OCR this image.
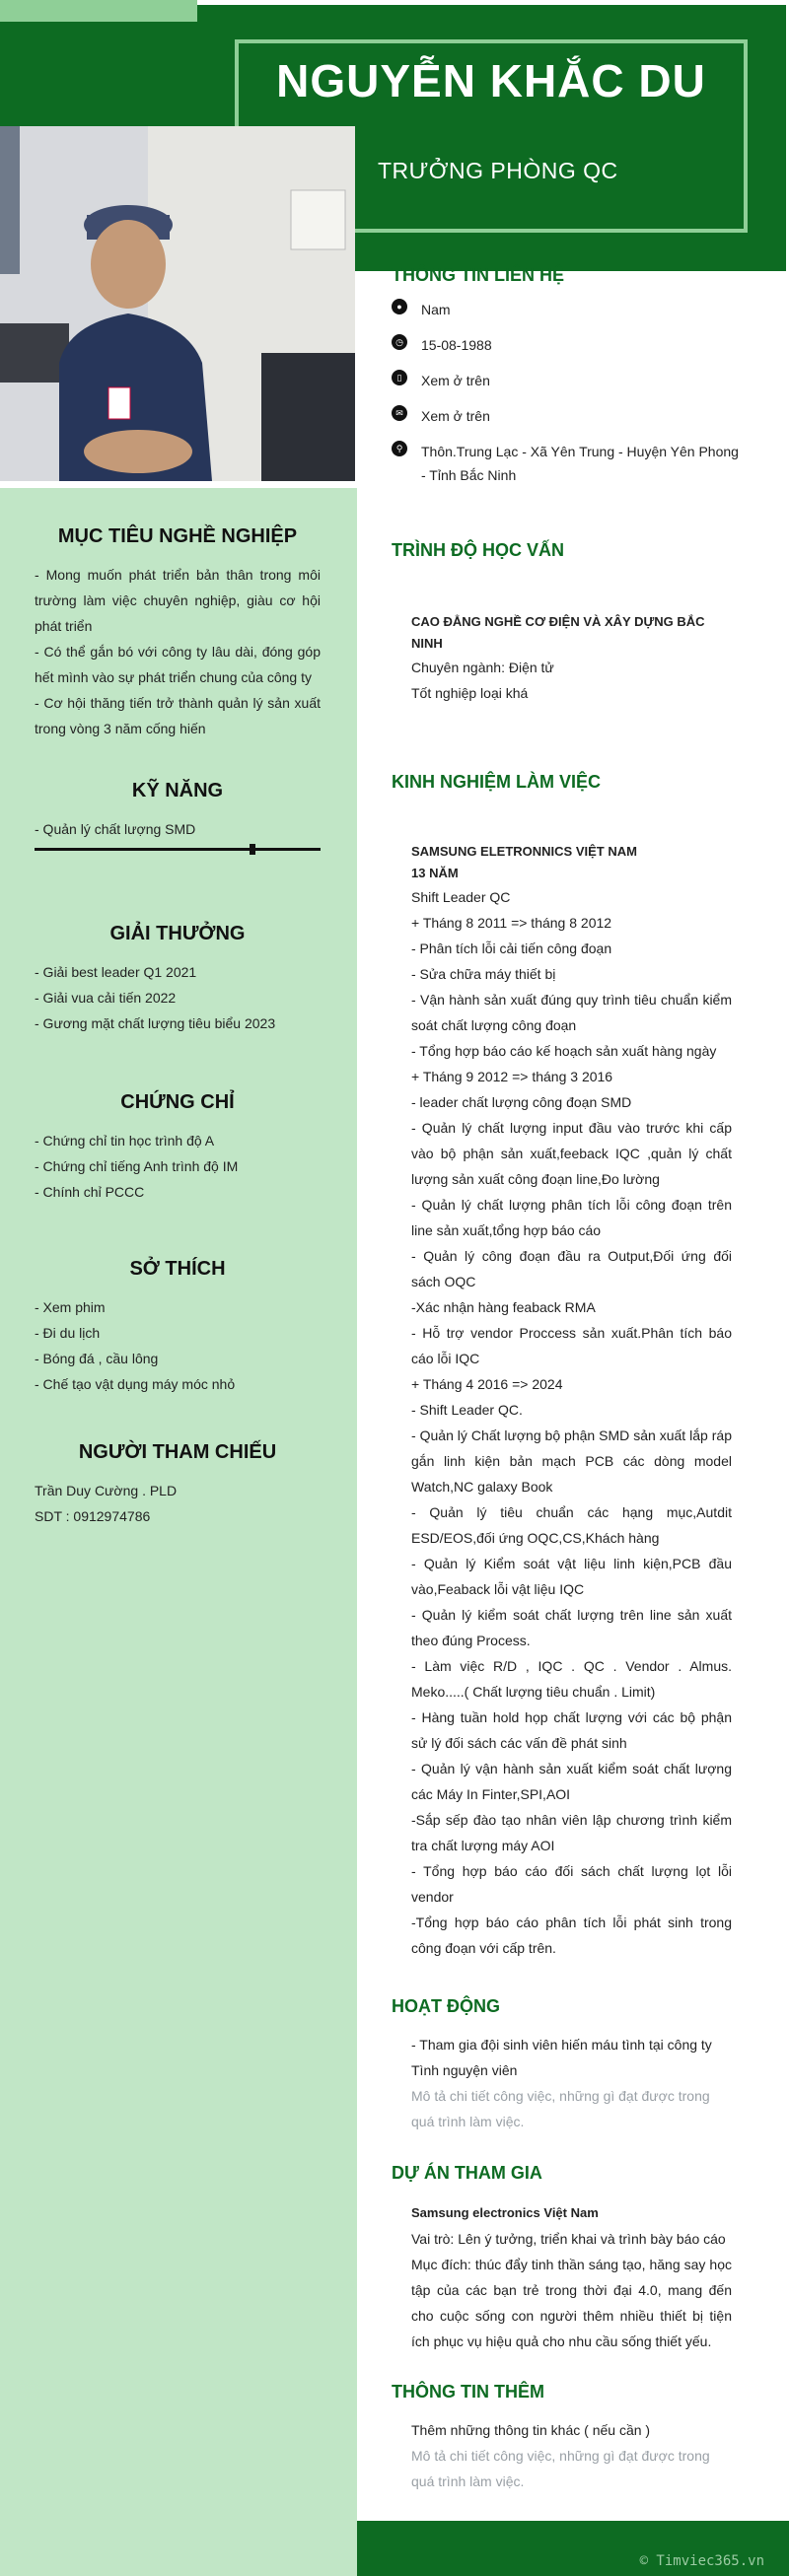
NGUYỄN KHẮC DU
TRƯỞNG PHÒNG QC
THÔNG TIN LIÊN HỆ
●	Nam
◷ 15-08-1988
▯	Xem ở trên
✉	Xem ở trên
⚲	Thôn.Trung Lạc - Xã Yên Trung - Huyện Yên Phong - Tỉnh Bắc Ninh

MỤC TIÊU NGHỀ NGHIỆP

- Mong muốn phát triển bản thân trong môi trường làm việc chuyên nghiệp, giàu cơ hội phát triển
- Có thể gắn bó với công ty lâu dài, đóng góp hết mình vào sự phát triển chung của công ty
- Cơ hội thăng tiến trở thành quản lý sản xuất trong vòng 3 năm cống hiến

KỸ NĂNG

- Quản lý chất lượng SMD

GIẢI THƯỞNG

- Giải best leader Q1 2021
- Giải vua cải tiến 2022
- Gương mặt chất lượng tiêu biểu 2023

CHỨNG CHỈ

- Chứng chỉ tin học trình độ A
- Chứng chỉ tiếng Anh trình độ IM
- Chính chỉ PCCC

SỞ THÍCH

- Xem phim
- Đi du lịch
- Bóng đá , cầu lông
- Chế tạo vật dụng máy móc nhỏ

NGƯỜI THAM CHIẾU

Trần Duy Cường . PLD
SDT : 0912974786
TRÌNH ĐỘ HỌC VẤN
CAO ĐẲNG NGHỀ CƠ ĐIỆN VÀ XÂY DỰNG BẮC NINH
Chuyên ngành: Điện tử
Tốt nghiệp loại khá
KINH NGHIỆM LÀM VIỆC
SAMSUNG ELETRONNICS VIỆT NAM
13 NĂM
Shift Leader QC
+ Tháng 8 2011 => tháng 8 2012
- Phân tích lỗi cải tiến công đoạn
- Sửa chữa máy thiết bị
- Vận hành sản xuất đúng quy trình tiêu chuẩn kiểm soát chất lượng công đoạn
- Tổng hợp báo cáo kế hoạch sản xuất hàng ngày
+ Tháng 9 2012 => tháng 3 2016
- leader chất lượng công đoạn SMD
- Quản lý chất lượng input đầu vào trước khi cấp vào bộ phận sản xuất,feeback IQC ,quản lý chất lượng sản xuất công đoạn line,Đo lường
- Quản lý chất lượng phân tích lỗi công đoạn trên line sản xuất,tổng hợp báo cáo
- Quản lý công đoạn đầu ra Output,Đối ứng đối sách OQC
-Xác nhận hàng feaback RMA
- Hỗ trợ vendor Proccess sản xuất.Phân tích báo cáo lỗi IQC
+ Tháng 4 2016 => 2024
- Shift Leader QC.
- Quản lý Chất lượng bộ phận SMD sản xuất lắp ráp gắn linh kiện bản mạch PCB các dòng model Watch,NC galaxy Book
- Quản lý tiêu chuẩn các hạng mục,Autdit ESD/EOS,đối ứng OQC,CS,Khách hàng
- Quản lý Kiểm soát vật liệu linh kiện,PCB đầu vào,Feaback lỗi vật liệu IQC
- Quản lý kiểm soát chất lượng trên line sản xuất theo đúng Process.
- Làm việc R/D , IQC . QC . Vendor . Almus. Meko.....( Chất lượng tiêu chuẩn . Limit)
- Hàng tuần hold họp chất lượng với các bộ phận sử lý đối sách các vấn đề phát sinh
- Quản lý vận hành sản xuất kiểm soát chất lượng các Máy In Finter,SPI,AOI
-Sắp sếp đào tạo nhân viên lập chương trình kiểm tra chất lượng máy AOI
- Tổng hợp báo cáo đối sách chất lượng lọt lỗi vendor
-Tổng hợp báo cáo phân tích lỗi phát sinh trong công đoạn với cấp trên.
HOẠT ĐỘNG
- Tham gia đội sinh viên hiến máu tình tại công ty
Tình nguyện viên
Mô tả chi tiết công việc, những gì đạt được trong quá trình làm việc.
DỰ ÁN THAM GIA
Samsung electronics Việt Nam
Vai trò: Lên ý tưởng, triển khai và trình bày báo cáo
Mục đích: thúc đẩy tinh thần sáng tạo, hăng say học tập của các bạn trẻ trong thời đại 4.0, mang đến cho cuộc sống con người thêm nhiều thiết bị tiện ích phục vụ hiệu quả cho nhu cầu sống thiết yếu.
THÔNG TIN THÊM
Thêm những thông tin khác ( nếu cần )
Mô tả chi tiết công việc, những gì đạt được trong quá trình làm việc.
© Timviec365.vn
